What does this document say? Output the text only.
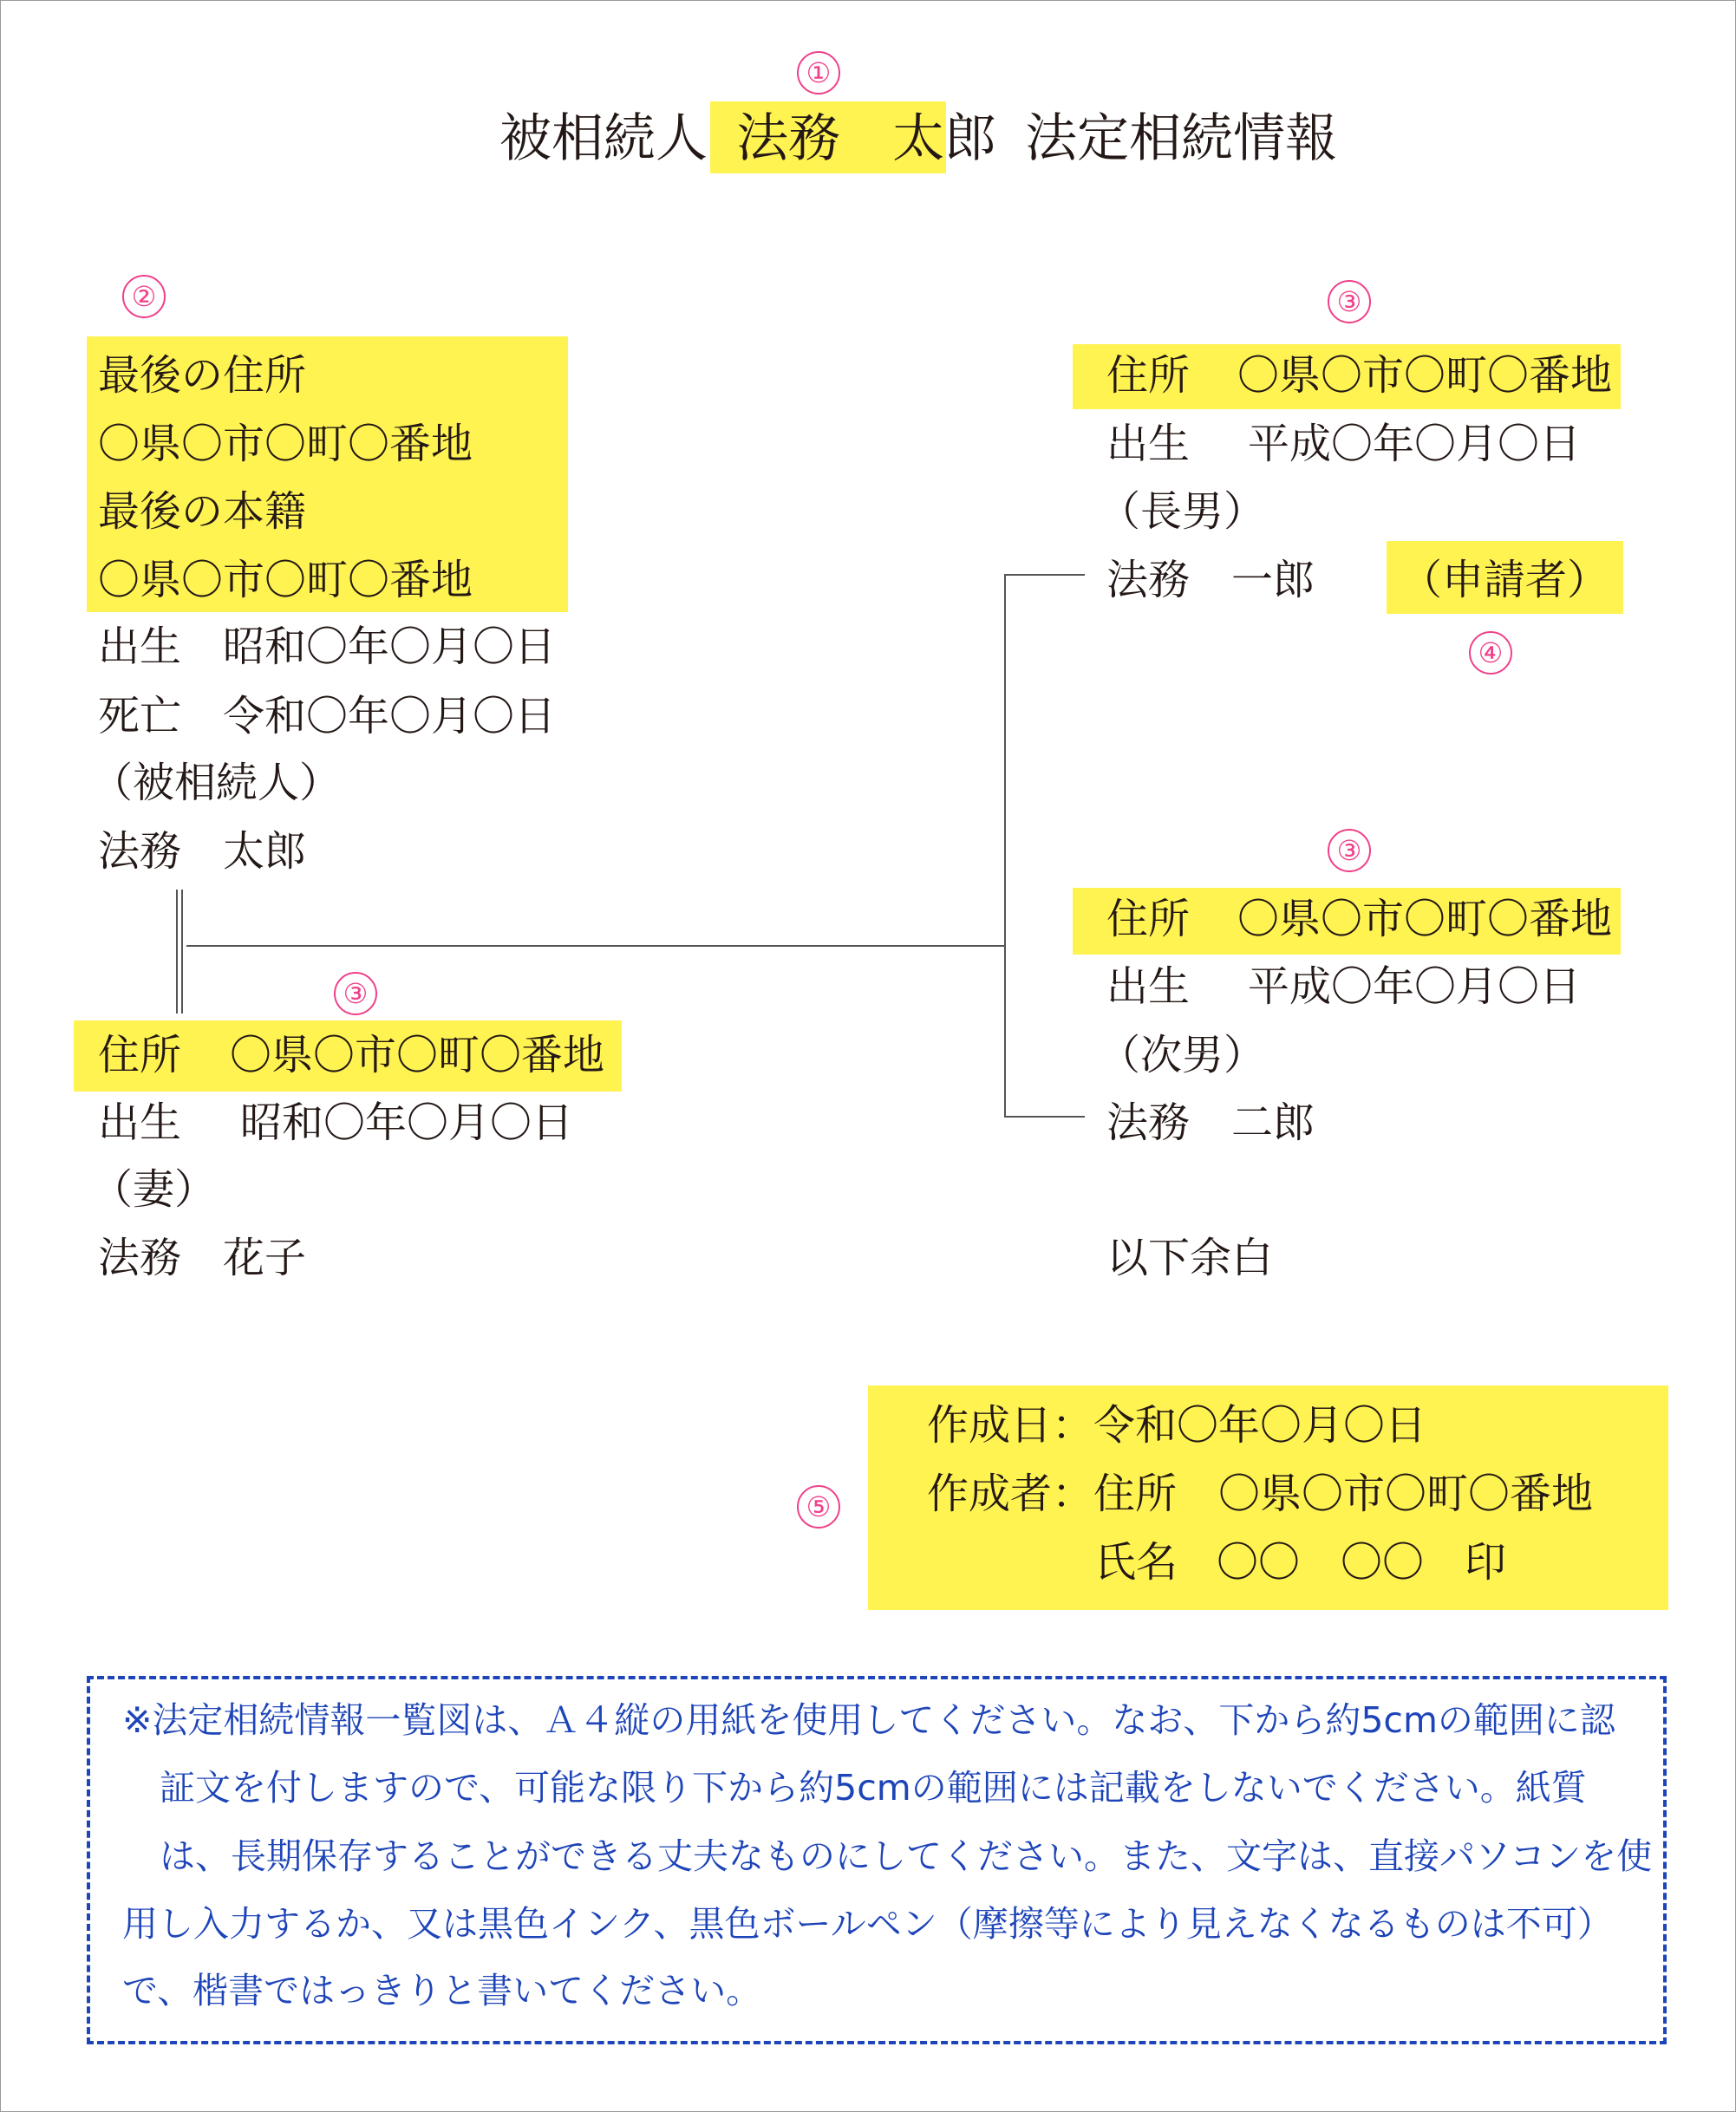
①
被相続人 法務　太郎 法定相続情報
②
最後の住所
〇県〇市〇町〇番地
最後の本籍
〇県〇市〇町〇番地
出生　昭和〇年〇月〇日
死亡　令和〇年〇月〇日
（被相続人）
法務　太郎
③
住所 〇県〇市〇町〇番地
出生 昭和〇年〇月〇日
（妻）
法務　花子
③
住所 〇県〇市〇町〇番地
出生 平成〇年〇月〇日
（長男）
法務　一郎 （申請者）
④
③
住所 〇県〇市〇町〇番地
出生 平成〇年〇月〇日
（次男）
法務　二郎
以下余白
⑤
作成日：令和〇年〇月〇日
作成者：住所　〇県〇市〇町〇番地
氏名 〇〇 〇〇 印
※法定相続情報一覧図は、Ａ４縦の用紙を使用してください。なお、下から約5cmの範囲に認
証文を付しますので、可能な限り下から約5cmの範囲には記載をしないでください。紙質
は、長期保存することができる丈夫なものにしてください。また、文字は、直接パソコンを使
用し入力するか、又は黒色インク、黒色ボールペン（摩擦等により見えなくなるものは不可）
で、楷書ではっきりと書いてください。
